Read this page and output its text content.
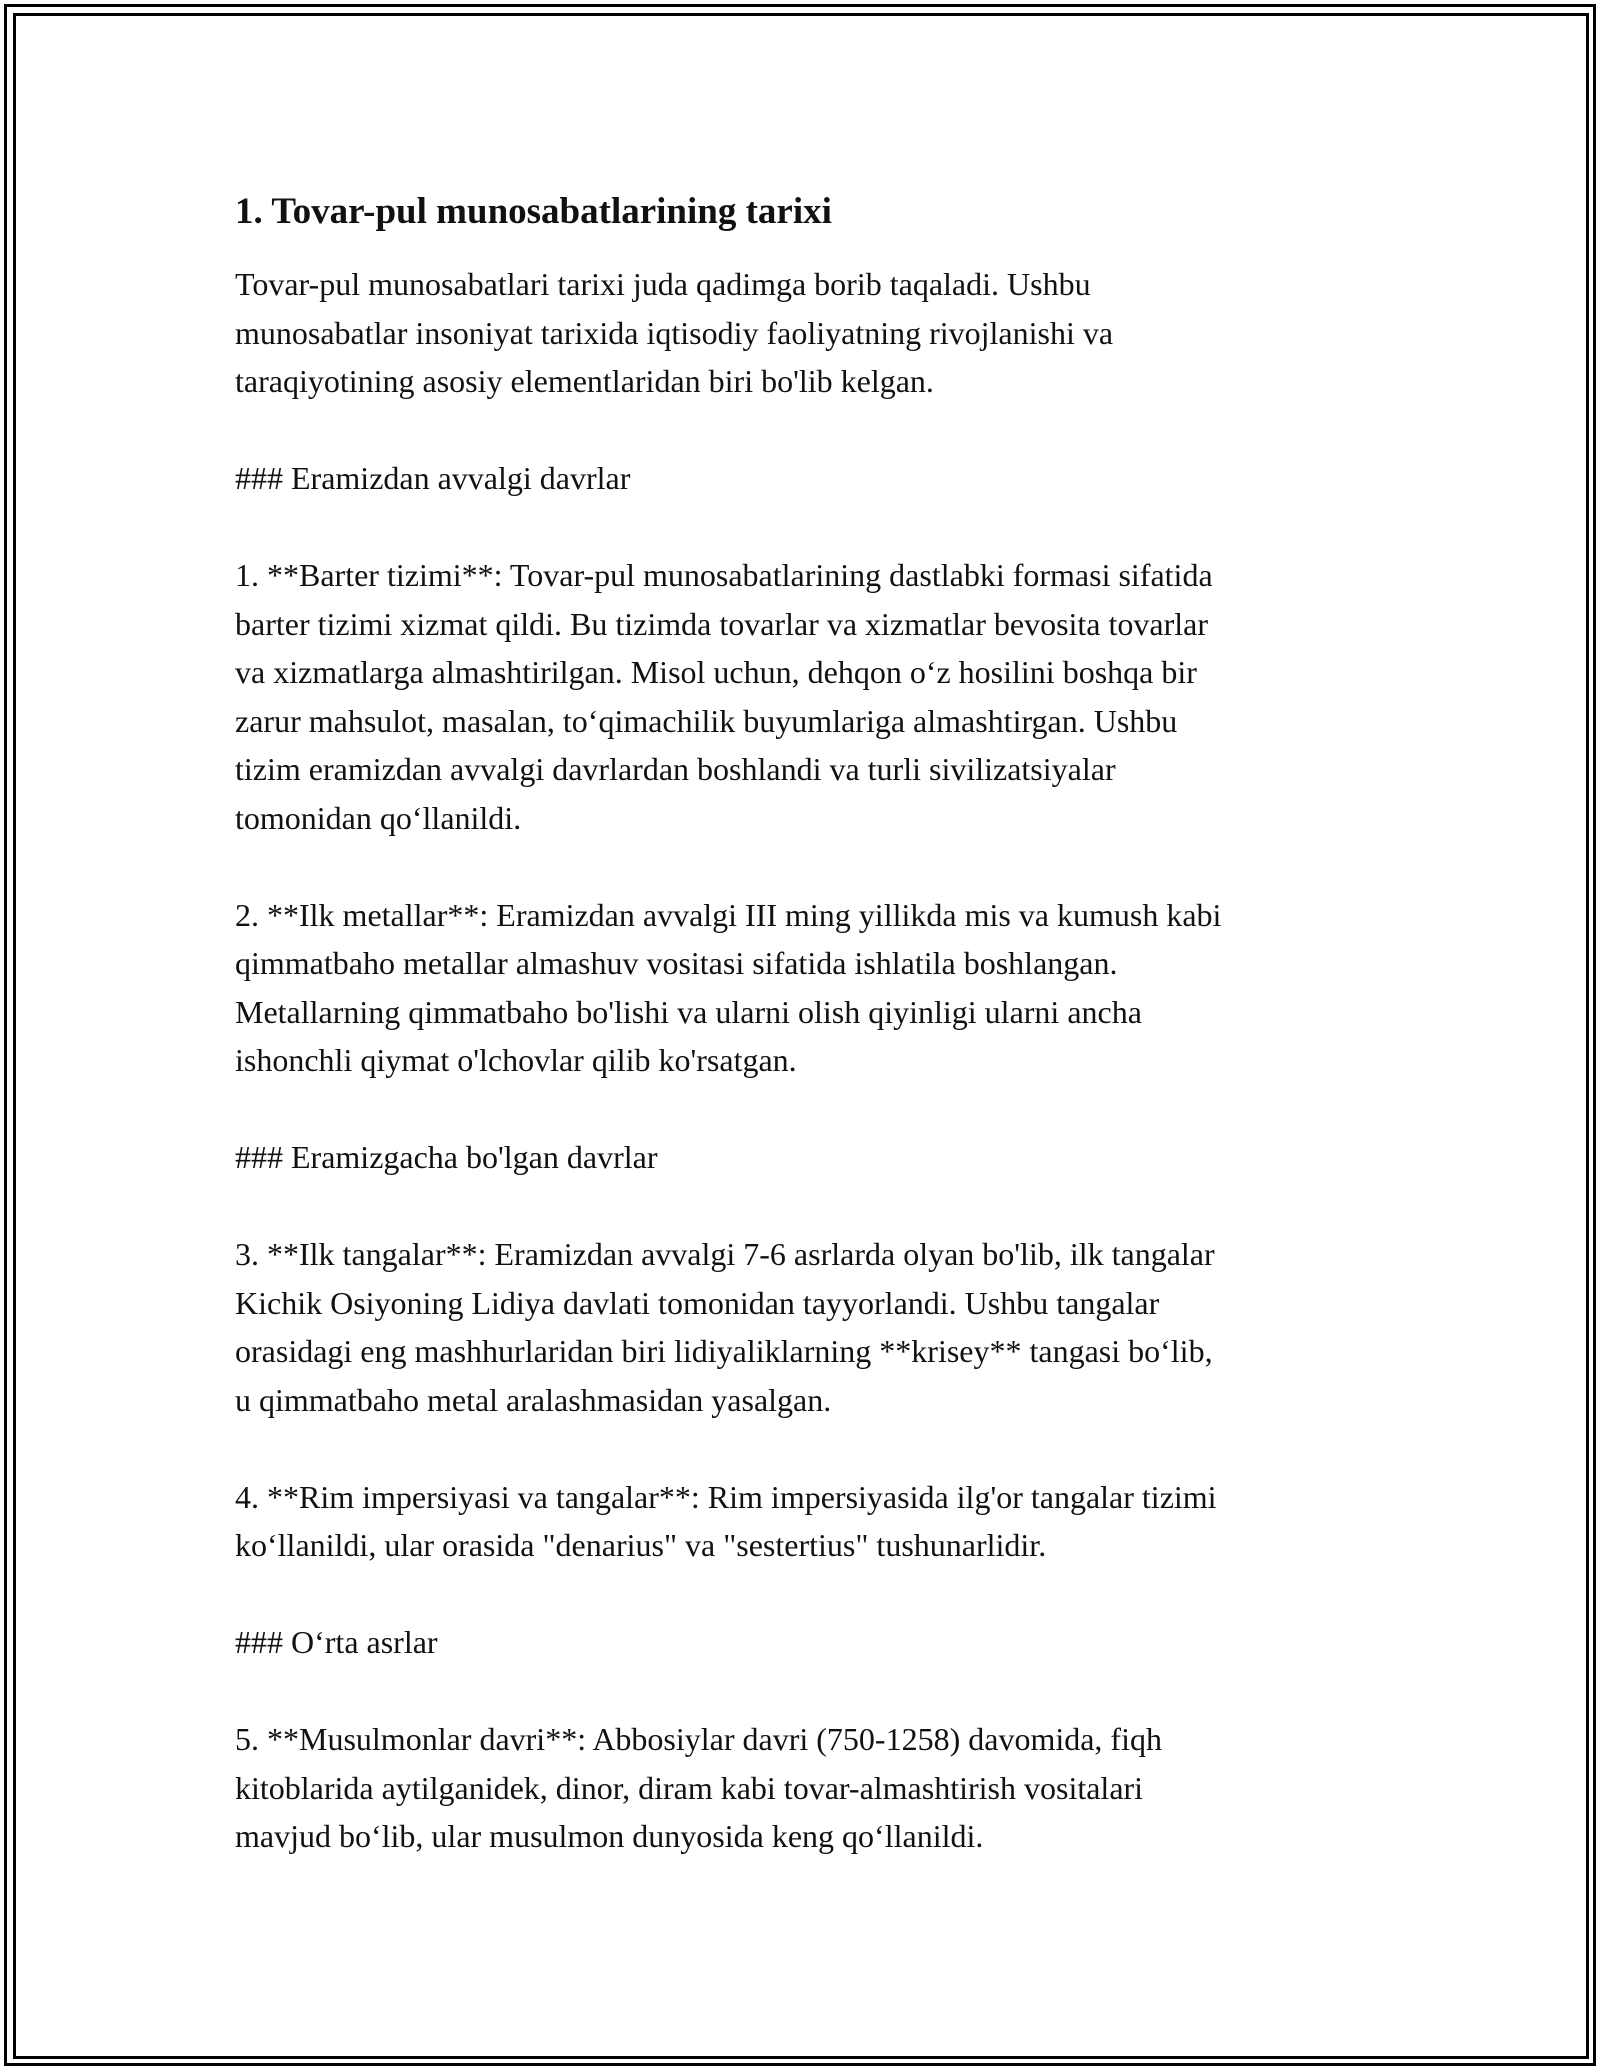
1. Tovar-pul munosabatlarining tarixi

Tovar-pul munosabatlari tarixi juda qadimga borib taqaladi. Ushbu
munosabatlar insoniyat tarixida iqtisodiy faoliyatning rivojlanishi va
taraqiyotining asosiy elementlaridan biri bo'lib kelgan.

### Eramizdan avvalgi davrlar

1. **Barter tizimi**: Tovar-pul munosabatlarining dastlabki formasi sifatida
barter tizimi xizmat qildi. Bu tizimda tovarlar va xizmatlar bevosita tovarlar
va xizmatlarga almashtirilgan. Misol uchun, dehqon o‘z hosilini boshqa bir
zarur mahsulot, masalan, to‘qimachilik buyumlariga almashtirgan. Ushbu
tizim eramizdan avvalgi davrlardan boshlandi va turli sivilizatsiyalar
tomonidan qo‘llanildi.

2. **Ilk metallar**: Eramizdan avvalgi III ming yillikda mis va kumush kabi
qimmatbaho metallar almashuv vositasi sifatida ishlatila boshlangan.
Metallarning qimmatbaho bo'lishi va ularni olish qiyinligi ularni ancha
ishonchli qiymat o'lchovlar qilib ko'rsatgan.

### Eramizgacha bo'lgan davrlar

3. **Ilk tangalar**: Eramizdan avvalgi 7-6 asrlarda olyan bo'lib, ilk tangalar
Kichik Osiyoning Lidiya davlati tomonidan tayyorlandi. Ushbu tangalar
orasidagi eng mashhurlaridan biri lidiyaliklarning **krisey** tangasi bo‘lib,
u qimmatbaho metal aralashmasidan yasalgan.

4. **Rim impersiyasi va tangalar**: Rim impersiyasida ilg'or tangalar tizimi
ko‘llanildi, ular orasida "denarius" va "sestertius" tushunarlidir.

### O‘rta asrlar

5. **Musulmonlar davri**: Abbosiylar davri (750-1258) davomida, fiqh
kitoblarida aytilganidek, dinor, diram kabi tovar-almashtirish vositalari
mavjud bo‘lib, ular musulmon dunyosida keng qo‘llanildi.
